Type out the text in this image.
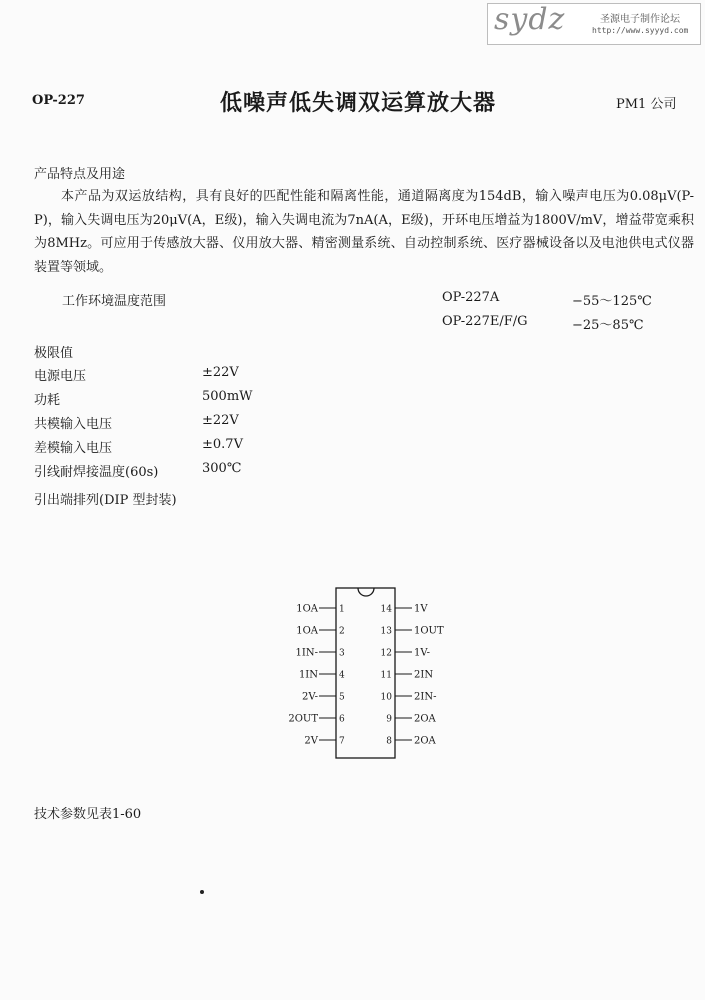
sydz	圣源电子制作论坛
http://www.syyyd.com
OP-227	低噪声低失调双运算放大器	PM1 公司
产品特点及用途
本产品为双运放结构，具有良好的匹配性能和隔离性能，通道隔离度为154dB，输入噪声电压为0.08μV(P-P)，输入失调电压为20μV(A，E级)，输入失调电流为7nA(A，E级)，开环电压增益为1800V/mV，增益带宽乘积为8MHz。可应用于传感放大器、仪用放大器、精密测量系统、自动控制系统、医疗器械设备以及电池供电式仪器装置等领域。
工作环境温度范围	OP-227A	−55～125℃
OP-227E/F/G	−25～85℃
极限值
电源电压	±22V
功耗	500mW
共模输入电压	±22V
差模输入电压	±0.7V
引线耐焊接温度(60s)	300℃
引出端排列(DIP 型封装)
1OA 1
1OA 2
1IN- 3
1IN 4
2V- 5
2OUT 6
2V 7
14 1V
13 1OUT
12 1V-
11 2IN
10 2IN-
9 2OA
8 2OA
技术参数见表1-60
